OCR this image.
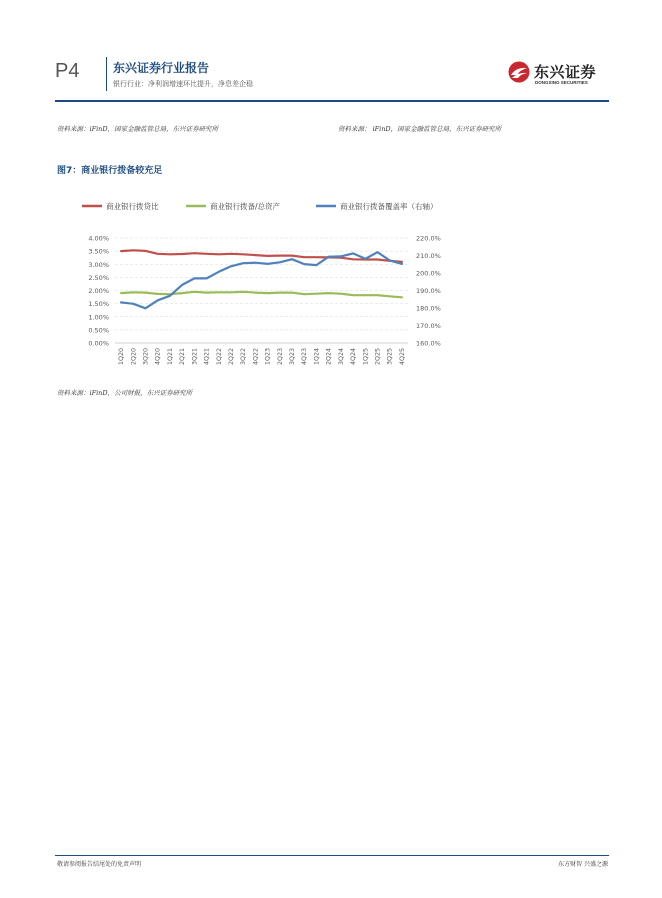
P4	东兴证券行业报告
银行行业：净利润增速环比提升，净息差企稳
东兴证券
DONGXING SECURITIES
资料来源：iFinD，国家金融监管总局，东兴证券研究所	资料来源： iFinD，国家金融监管总局，东兴证券研究所
图7：商业银行拨备较充足
0.00%
0.50%
1.00%
1.50%
2.00%
2.50%
3.00%
3.50%
4.00%
160.0%
170.0%
180.0%
190.0%
200.0%
210.0%
220.0%
1Q20 2Q20 3Q20 4Q20 1Q21 2Q21 3Q21 4Q21 1Q22 2Q22 3Q22 4Q22 1Q23 2Q23 3Q23 4Q23 1Q24 2Q24 3Q24 4Q24 1Q25 2Q25 3Q25 4Q25
商业银行拨贷比	商业银行拨备/总资产	商业银行拨备覆盖率（右轴）
资料来源：iFinD，公司财报，东兴证券研究所
敬请参阅报告结尾处的免责声明	东方财智 兴盛之源
